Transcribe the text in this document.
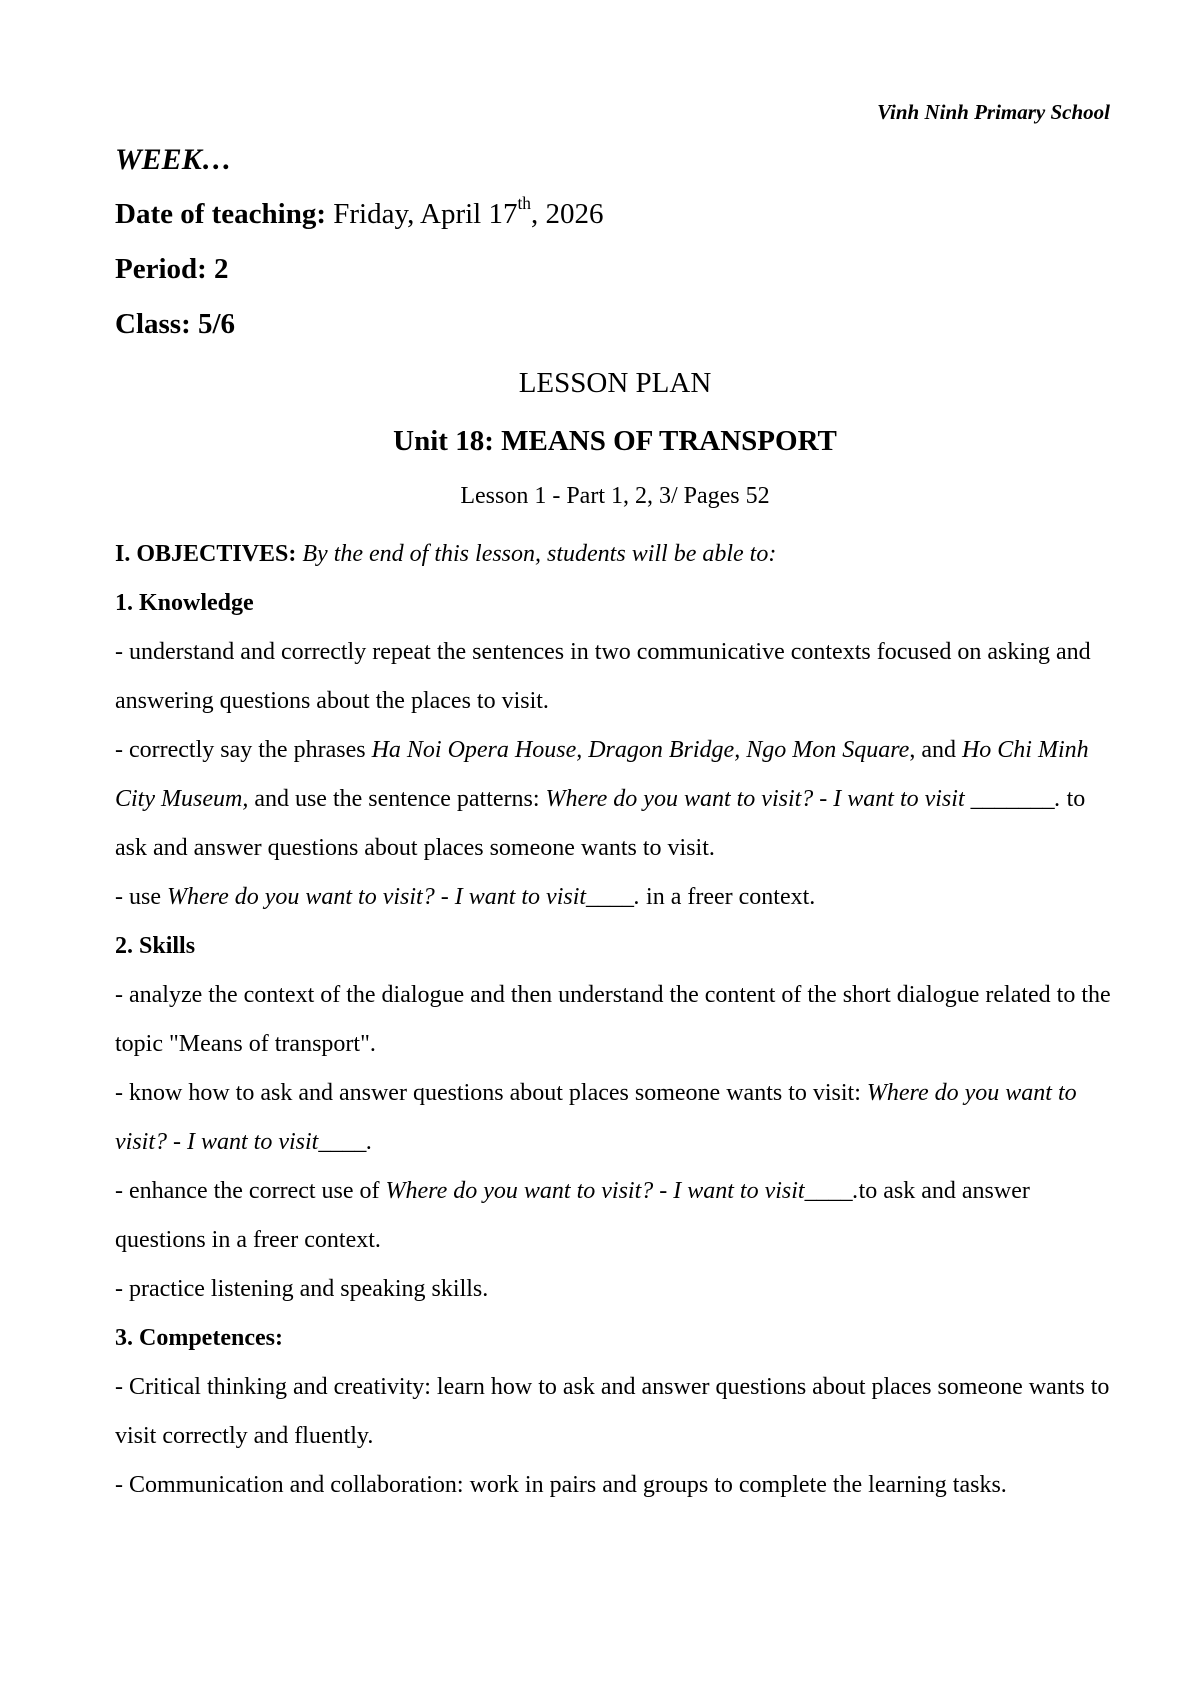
Vinh Ninh Primary School
WEEK…
Date of teaching: Friday, April 17th, 2026
Period: 2
Class: 5/6
LESSON PLAN
Unit 18: MEANS OF TRANSPORT
Lesson 1 - Part 1, 2, 3/ Pages 52

I. OBJECTIVES: By the end of this lesson, students will be able to:

1. Knowledge

- understand and correctly repeat the sentences in two communicative contexts focused on asking and answering questions about the places to visit.

- correctly say the phrases Ha Noi Opera House, Dragon Bridge, Ngo Mon Square, and Ho Chi Minh City Museum, and use the sentence patterns: Where do you want to visit? - I want to visit _______. to ask and answer questions about places someone wants to visit.

- use Where do you want to visit? - I want to visit____. in a freer context.

2. Skills

- analyze the context of the dialogue and then understand the content of the short dialogue related to the topic "Means of transport".

- know how to ask and answer questions about places someone wants to visit: Where do you want to visit? - I want to visit____.

- enhance the correct use of Where do you want to visit? - I want to visit____.to ask and answer questions in a freer context.

- practice listening and speaking skills.

3. Competences:

- Critical thinking and creativity: learn how to ask and answer questions about places someone wants to visit correctly and fluently.

- Communication and collaboration: work in pairs and groups to complete the learning tasks.
